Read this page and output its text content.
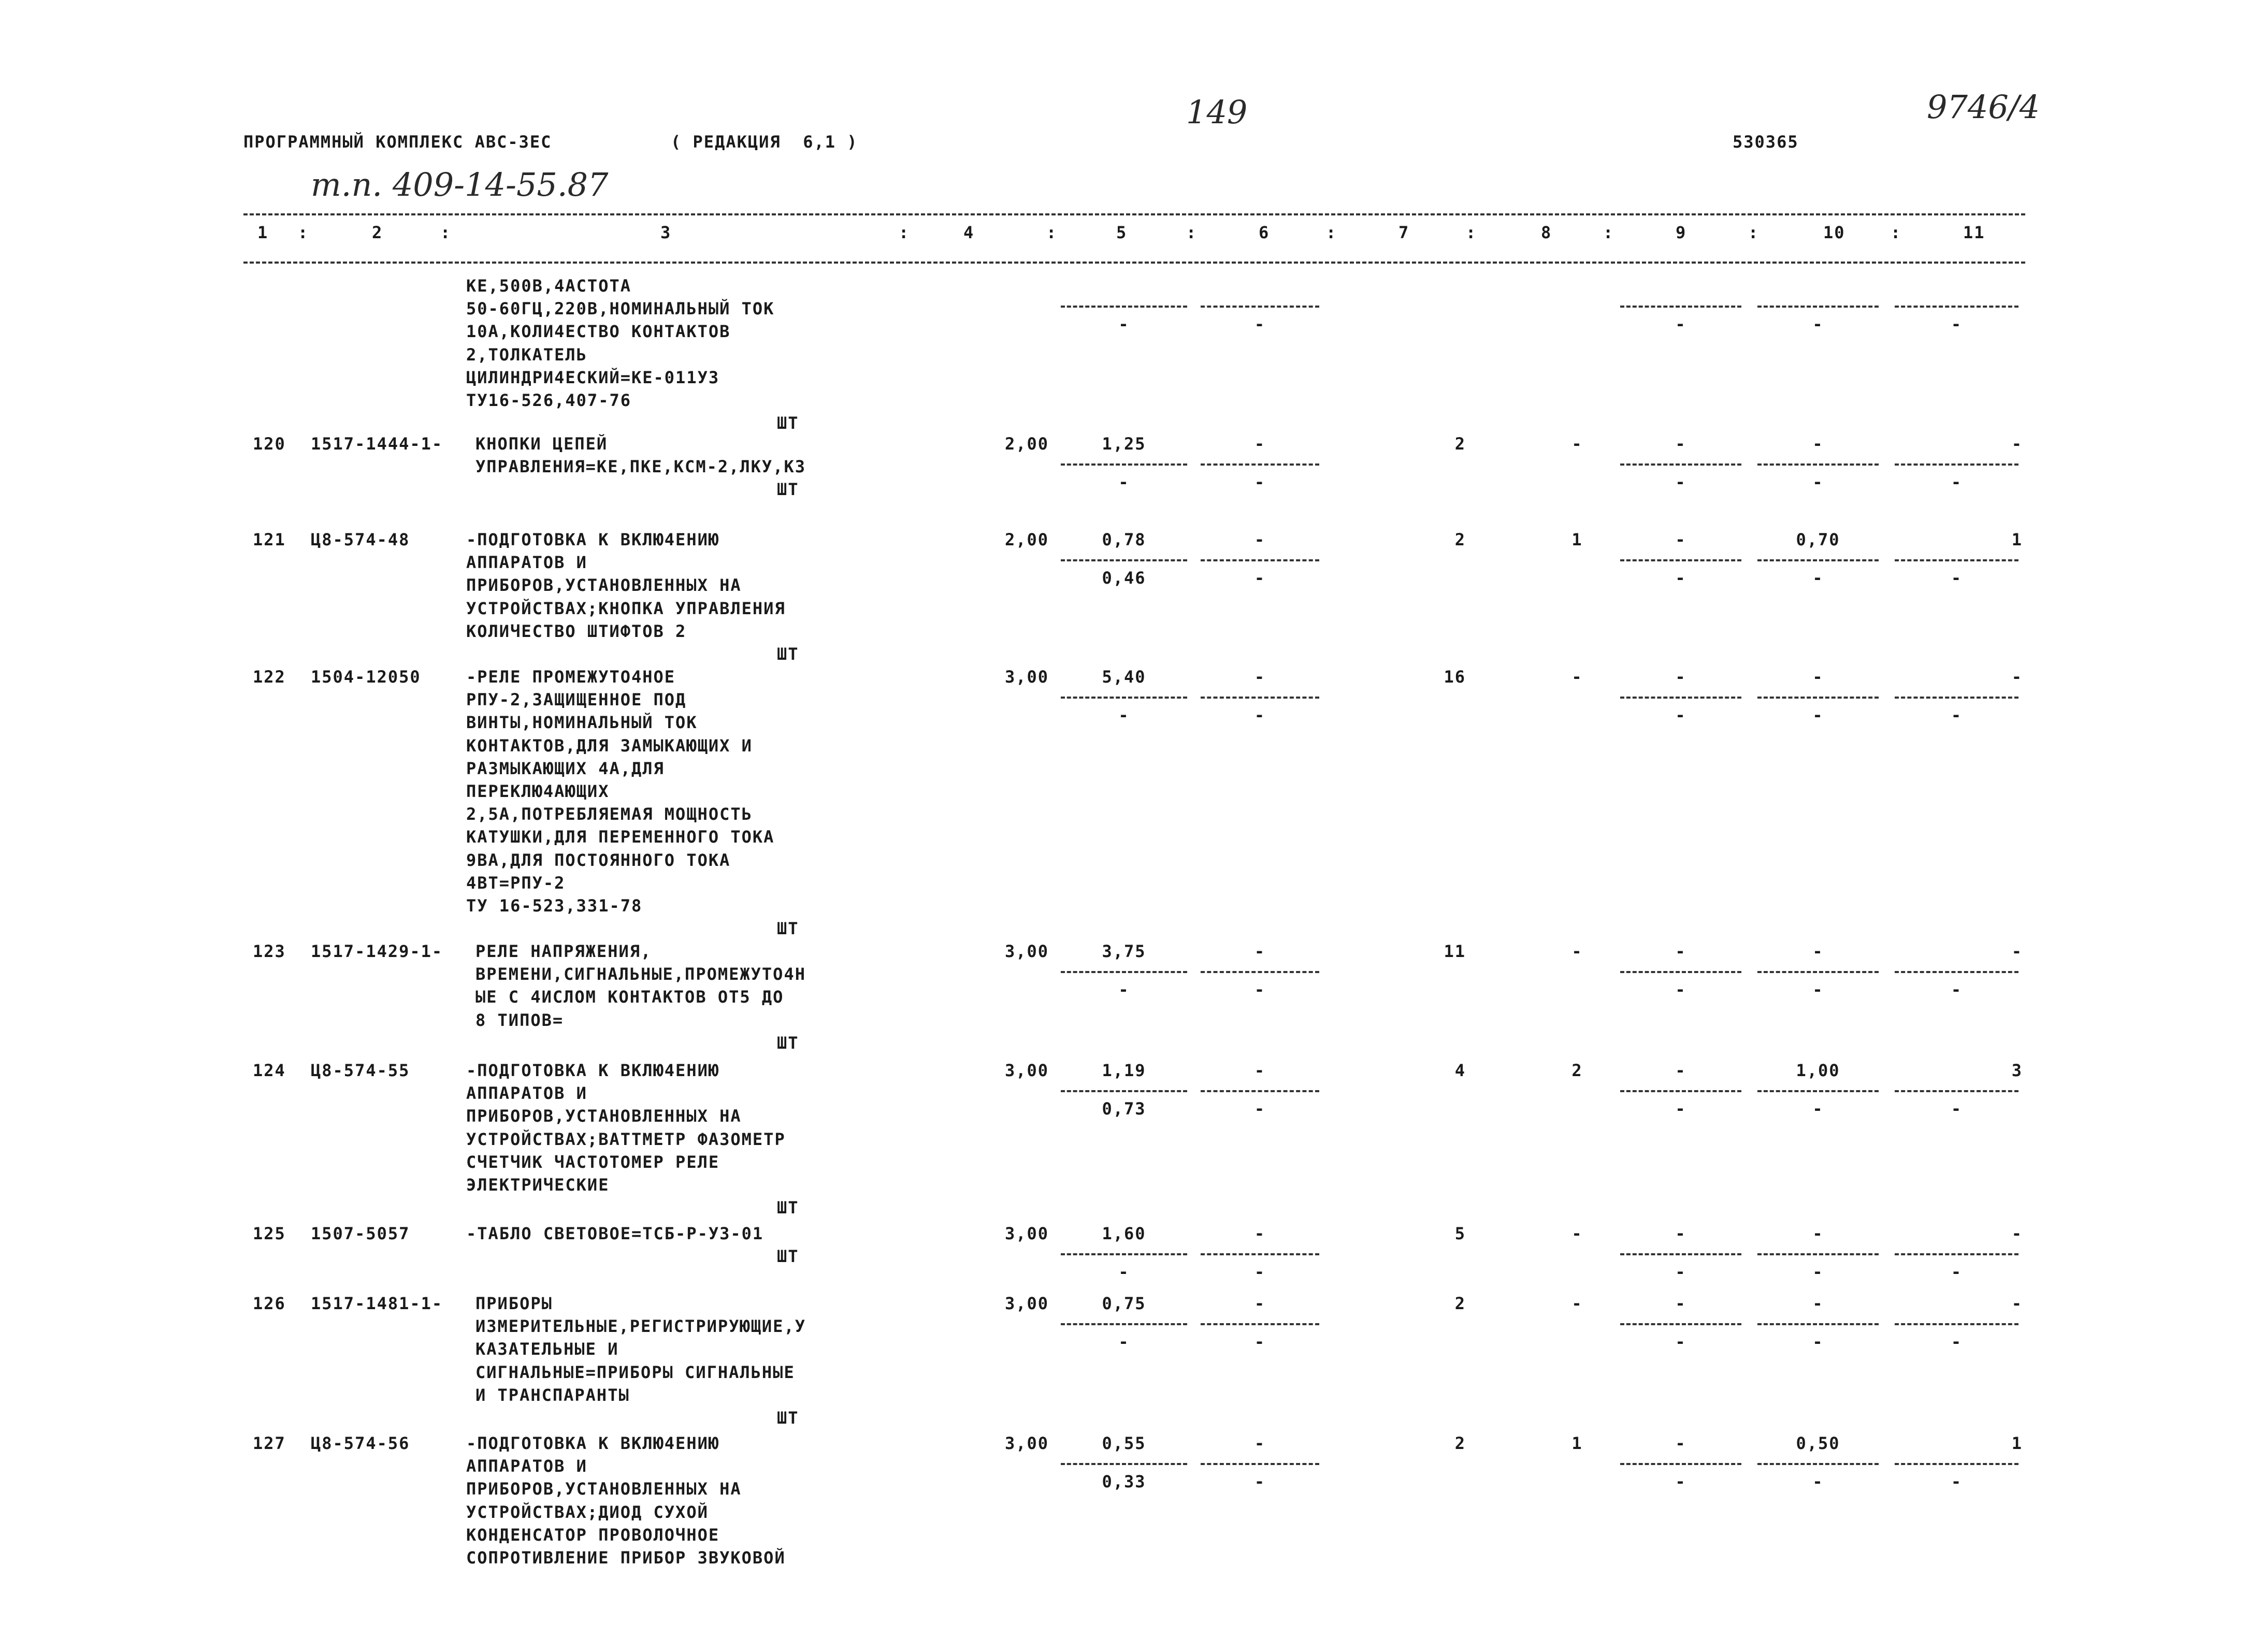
ПРОГРАММНЫЙ КОМПЛЕКС АВС-3ЕС	( РЕДАКЦИЯ  6,1 )	530365
149	9746/4
т.п. 409-14-55.87
1	2	3	4	5	6	7	8	9	10	11
:	:	:	:	:	:	:	:	:	:
КЕ,500В,4АСТОТА
50-60ГЦ,220В,НОМИНАЛЬНЫЙ ТОК
10А,КОЛИ4ЕСТВО КОНТАКТОВ
2,ТОЛКАТЕЛЬ
ЦИЛИНДРИ4ЕСКИЙ=КЕ-011У3
ТУ16-526,407-76
ШТ
-	-	-	-	-
120 1517-1444-1- КНОПКИ ЦЕПЕЙ
УПРАВЛЕНИЯ=КЕ,ПКЕ,КСМ-2,ЛКУ,КЗ
ШТ
2,00	1,25	-	2	-	-	-	-
-	-	-	-	-
121 Ц8-574-48	-ПОДГОТОВКА К ВКЛЮ4ЕНИЮ
АППАРАТОВ И
ПРИБОРОВ,УСТАНОВЛЕННЫХ НА
УСТРОЙСТВАХ;КНОПКА УПРАВЛЕНИЯ
КОЛИЧЕСТВО ШТИФТОВ 2
ШТ
2,00	0,78	-	2	1	-	0,70	1
0,46	-	-	-	-
122 1504-12050	-РЕЛЕ ПРОМЕЖУТО4НОЕ
РПУ-2,ЗАЩИЩЕННОЕ ПОД
ВИНТЫ,НОМИНАЛЬНЫЙ ТОК
КОНТАКТОВ,ДЛЯ ЗАМЫКАЮЩИХ И
РАЗМЫКАЮЩИХ 4А,ДЛЯ
ПЕРЕКЛЮ4АЮЩИХ
2,5А,ПОТРЕБЛЯЕМАЯ МОЩНОСТЬ
КАТУШКИ,ДЛЯ ПЕРЕМЕННОГО ТОКА
9ВА,ДЛЯ ПОСТОЯННОГО ТОКА
4ВТ=РПУ-2
ТУ 16-523,331-78
ШТ
3,00	5,40	-	16	-	-	-	-
-	-	-	-	-
123 1517-1429-1- РЕЛЕ НАПРЯЖЕНИЯ,
ВРЕМЕНИ,СИГНАЛЬНЫЕ,ПРОМЕЖУТО4Н
ЫЕ С 4ИСЛОМ КОНТАКТОВ ОТ5 ДО
8 ТИПОВ=
ШТ
3,00	3,75	-	11	-	-	-	-
-	-	-	-	-
124 Ц8-574-55	-ПОДГОТОВКА К ВКЛЮ4ЕНИЮ
АППАРАТОВ И
ПРИБОРОВ,УСТАНОВЛЕННЫХ НА
УСТРОЙСТВАХ;ВАТТМЕТР ФАЗОМЕТР
СЧЕТЧИК ЧАСТОТОМЕР РЕЛЕ
ЭЛЕКТРИЧЕСКИЕ
ШТ
3,00	1,19	-	4	2	-	1,00	3
0,73	-	-	-	-
125 1507-5057	-ТАБЛО СВЕТОВОЕ=ТСБ-Р-У3-01
ШТ
3,00	1,60	-	5	-	-	-	-
-	-	-	-	-
126 1517-1481-1- ПРИБОРЫ
ИЗМЕРИТЕЛЬНЫЕ,РЕГИСТРИРУЮЩИЕ,У
КАЗАТЕЛЬНЫЕ И
СИГНАЛЬНЫЕ=ПРИБОРЫ СИГНАЛЬНЫЕ
И ТРАНСПАРАНТЫ
ШТ
3,00	0,75	-	2	-	-	-	-
-	-	-	-	-
127 Ц8-574-56	-ПОДГОТОВКА К ВКЛЮ4ЕНИЮ
АППАРАТОВ И
ПРИБОРОВ,УСТАНОВЛЕННЫХ НА
УСТРОЙСТВАХ;ДИОД СУХОЙ
КОНДЕНСАТОР ПРОВОЛОЧНОЕ
СОПРОТИВЛЕНИЕ ПРИБОР ЗВУКОВОЙ
3,00	0,55	-	2	1	-	0,50	1
0,33	-	-	-	-
